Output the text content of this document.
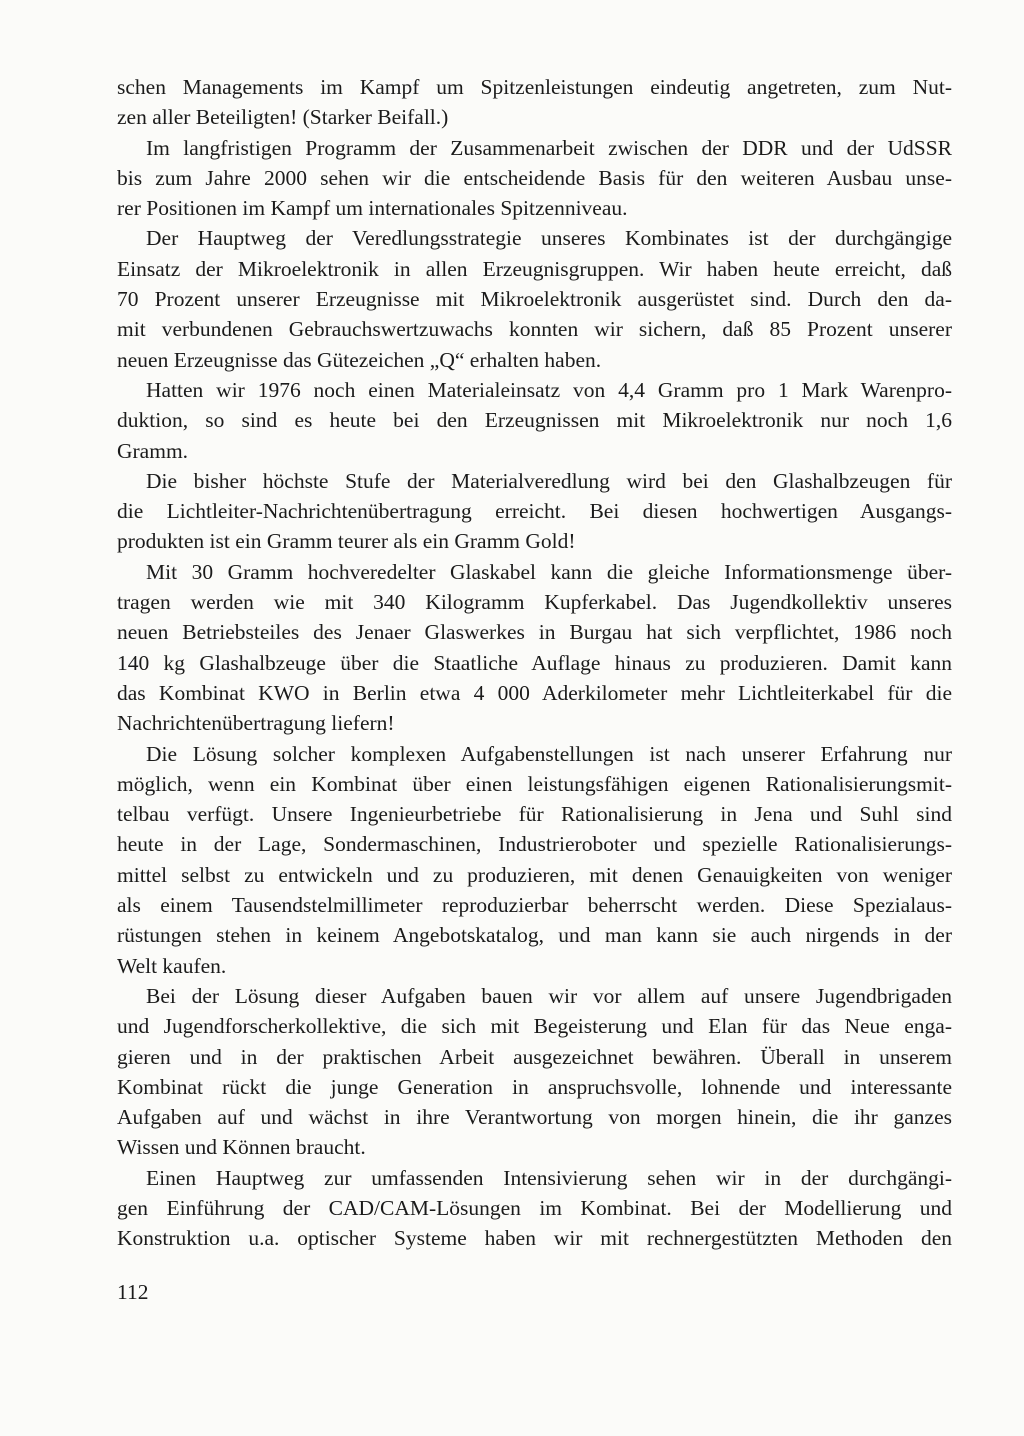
schen Managements im Kampf um Spitzenleistungen eindeutig angetreten, zum Nut-
zen aller Beteiligten! (Starker Beifall.)
Im langfristigen Programm der Zusammenarbeit zwischen der DDR und der UdSSR
bis zum Jahre 2000 sehen wir die entscheidende Basis für den weiteren Ausbau unse-
rer Positionen im Kampf um internationales Spitzenniveau.
Der Hauptweg der Veredlungsstrategie unseres Kombinates ist der durchgängige
Einsatz der Mikroelektronik in allen Erzeugnisgruppen. Wir haben heute erreicht, daß
70 Prozent unserer Erzeugnisse mit Mikroelektronik ausgerüstet sind. Durch den da-
mit verbundenen Gebrauchswertzuwachs konnten wir sichern, daß 85 Prozent unserer
neuen Erzeugnisse das Gütezeichen „Q“ erhalten haben.
Hatten wir 1976 noch einen Materialeinsatz von 4,4 Gramm pro 1 Mark Warenpro-
duktion, so sind es heute bei den Erzeugnissen mit Mikroelektronik nur noch 1,6
Gramm.
Die bisher höchste Stufe der Materialveredlung wird bei den Glashalbzeugen für
die Lichtleiter-Nachrichtenübertragung erreicht. Bei diesen hochwertigen Ausgangs-
produkten ist ein Gramm teurer als ein Gramm Gold!
Mit 30 Gramm hochveredelter Glaskabel kann die gleiche Informationsmenge über-
tragen werden wie mit 340 Kilogramm Kupferkabel. Das Jugendkollektiv unseres
neuen Betriebsteiles des Jenaer Glaswerkes in Burgau hat sich verpflichtet, 1986 noch
140 kg Glashalbzeuge über die Staatliche Auflage hinaus zu produzieren. Damit kann
das Kombinat KWO in Berlin etwa 4 000 Aderkilometer mehr Lichtleiterkabel für die
Nachrichtenübertragung liefern!
Die Lösung solcher komplexen Aufgabenstellungen ist nach unserer Erfahrung nur
möglich, wenn ein Kombinat über einen leistungsfähigen eigenen Rationalisierungsmit-
telbau verfügt. Unsere Ingenieurbetriebe für Rationalisierung in Jena und Suhl sind
heute in der Lage, Sondermaschinen, Industrieroboter und spezielle Rationalisierungs-
mittel selbst zu entwickeln und zu produzieren, mit denen Genauigkeiten von weniger
als einem Tausendstelmillimeter reproduzierbar beherrscht werden. Diese Spezialaus-
rüstungen stehen in keinem Angebotskatalog, und man kann sie auch nirgends in der
Welt kaufen.
Bei der Lösung dieser Aufgaben bauen wir vor allem auf unsere Jugendbrigaden
und Jugendforscherkollektive, die sich mit Begeisterung und Elan für das Neue enga-
gieren und in der praktischen Arbeit ausgezeichnet bewähren. Überall in unserem
Kombinat rückt die junge Generation in anspruchsvolle, lohnende und interessante
Aufgaben auf und wächst in ihre Verantwortung von morgen hinein, die ihr ganzes
Wissen und Können braucht.
Einen Hauptweg zur umfassenden Intensivierung sehen wir in der durchgängi-
gen Einführung der CAD/CAM-Lösungen im Kombinat. Bei der Modellierung und
Konstruktion u.a. optischer Systeme haben wir mit rechnergestützten Methoden den
112
